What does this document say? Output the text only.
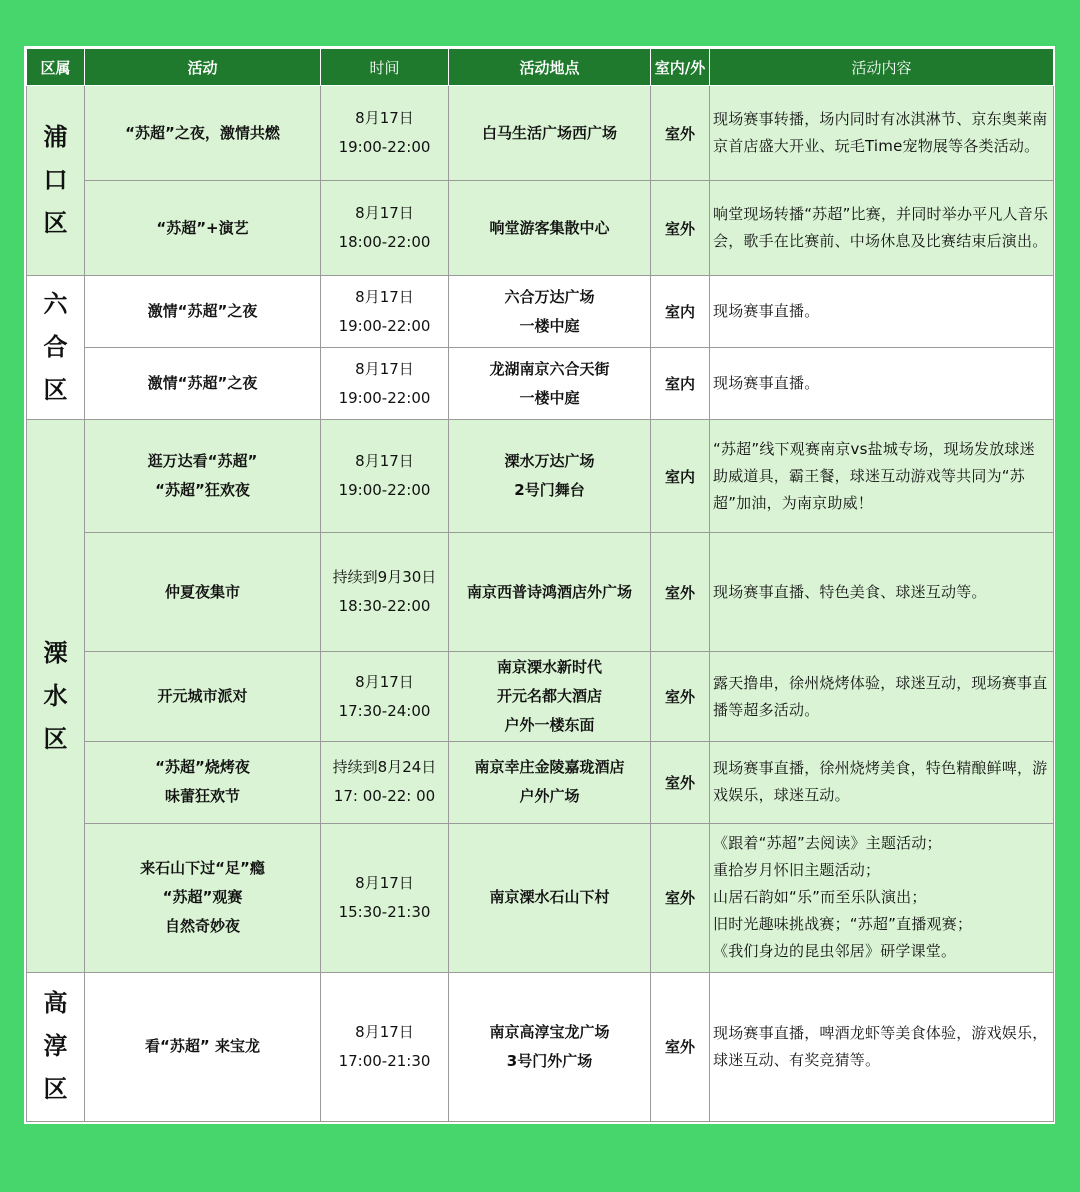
区属	活动	时间	活动地点	室内/外	活动内容
浦口区	“苏超”之夜，激情共燃	8月17日
19:00-22:00	白马生活广场西广场	室外	现场赛事转播，场内同时有冰淇淋节、京东奥莱南京首店盛大开业、玩毛Time宠物展等各类活动。

	“苏超”+演艺	8月17日
18:00-22:00	响堂游客集散中心	室外	响堂现场转播“苏超”比赛，并同时举办平凡人音乐会，歌手在比赛前、中场休息及比赛结束后演出。

六合区	激情“苏超”之夜	8月17日
19:00-22:00	六合万达广场
一楼中庭	室内	现场赛事直播。

	激情“苏超”之夜	8月17日
19:00-22:00	龙湖南京六合天街
一楼中庭	室内	现场赛事直播。

溧水区	逛万达看“苏超”
“苏超”狂欢夜	8月17日
19:00-22:00	溧水万达广场
2号门舞台	室内	“苏超”线下观赛南京vs盐城专场，现场发放球迷助威道具，霸王餐，球迷互动游戏等共同为“苏超”加油，为南京助威！

	仲夏夜集市	持续到9月30日
18:30-22:00	南京西普诗鸿酒店外广场	室外	现场赛事直播、特色美食、球迷互动等。

	开元城市派对	8月17日
17:30-24:00	南京溧水新时代
开元名都大酒店
户外一楼东面	室外	露天撸串，徐州烧烤体验，球迷互动，现场赛事直播等超多活动。

	“苏超”烧烤夜
味蕾狂欢节	持续到8月24日
17: 00-22: 00	南京幸庄金陵嘉珑酒店
户外广场	室外	现场赛事直播，徐州烧烤美食，特色精酿鲜啤，游戏娱乐，球迷互动。

	来石山下过“足”瘾
“苏超”观赛
自然奇妙夜	8月17日
15:30-21:30	南京溧水石山下村	室外	《跟着“苏超”去阅读》主题活动；
重拾岁月怀旧主题活动；
山居石韵如“乐”而至乐队演出；
旧时光趣味挑战赛；“苏超”直播观赛；
《我们身边的昆虫邻居》研学课堂。

高淳区	看“苏超” 来宝龙	8月17日
17:00-21:30	南京高淳宝龙广场
3号门外广场	室外	现场赛事直播，啤酒龙虾等美食体验，游戏娱乐，球迷互动、有奖竞猜等。
